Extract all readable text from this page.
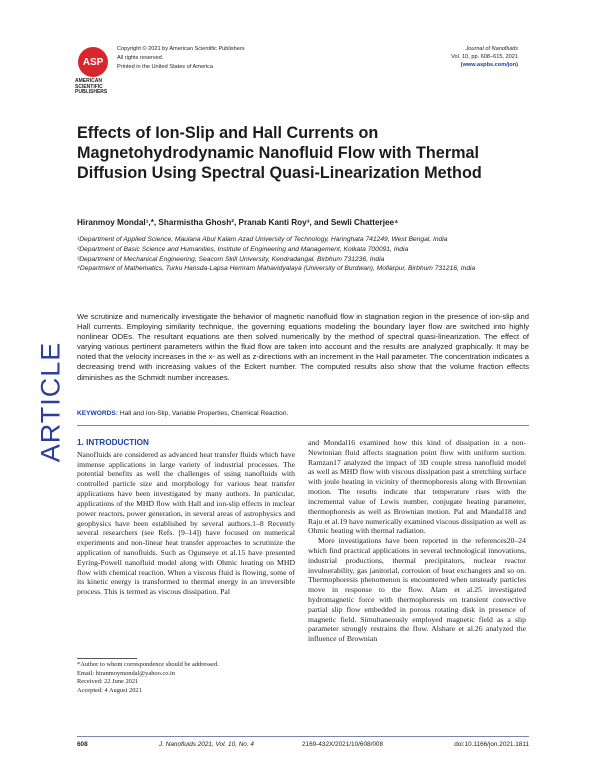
ASP
AMERICAN
SCIENTIFIC
PUBLISHERS
Copyright © 2021 by American Scientific Publishers
All rights reserved.
Printed in the United States of America
Journal of Nanofluids
Vol. 10, pp. 608–615, 2021
(www.aspbs.com/jon)
Effects of Ion-Slip and Hall Currents on Magnetohydrodynamic Nanofluid Flow with Thermal Diffusion Using Spectral Quasi-Linearization Method
Hiranmoy Mondal¹,*, Sharmistha Ghosh², Pranab Kanti Roy³, and Sewli Chatterjee⁴
¹Department of Applied Science, Maulana Abul Kalam Azad University of Technology, Haringhata 741249, West Bengal, India
²Department of Basic Science and Humanities, Institute of Engineering and Management, Kolkata 700091, India
³Department of Mechanical Engineering, Seacom Skill University, Kendradangal, Birbhum 731236, India
⁴Department of Mathematics, Turku Hansda-Lapsa Hemram Mahavidyalaya (University of Burdwan), Mollarpur, Birbhum 731216, India
ARTICLE

We scrutinize and numerically investigate the behavior of magnetic nanofluid flow in stagnation region in the presence of ion-slip and Hall currents. Employing similarity technique, the governing equations modeling the boundary layer flow are switched into highly nonlinear ODEs. The resultant equations are then solved numerically by the method of spectral quasi-linearization. The effect of varying various pertinent parameters within the fluid flow are taken into account and the results are analyzed graphically. It may be noted that the velocity increases in the x- as well as z-directions with an increment in the Hall parameter. The concentration indicates a decreasing trend with increasing values of the Eckert number. The computed results also show that the volume fraction effects diminishes as the Schmidt number increases.

KEYWORDS: Hall and Ion-Slip, Variable Properties, Chemical Reaction.
1. INTRODUCTION

Nanofluids are considered as advanced heat transfer fluids which have immense applications in large variety of industrial processes. The potential benefits as well the challenges of using nanofluids with controlled particle size and morphology for various heat transfer applications have been investigated by many authors. In particular, applications of the MHD flow with Hall and ion-slip effects in nuclear power reactors, power generation, in several areas of astrophysics and geophysics have been established by several authors.1–8 Recently several researchers (see Refs. [9–14]) have focused on numerical experiments and non-linear heat transfer approaches to scrutinize the application of nanofluids. Such as Ogunseye et al.15 have presented Eyring-Powell nanofluid model along with Ohmic heating on MHD flow with chemical reaction. When a viscous fluid is flowing, some of its kinetic energy is transformed to thermal energy in an irreversible process. This is termed as viscous dissipation. Pal

and Mondal16 examined how this kind of dissipation in a non-Newtonian fluid affects stagnation point flow with uniform suction. Ramzan17 analyzed the impact of 3D couple stress nanofluid model as well as MHD flow with viscous dissipation past a stretching surface with joule heating in vicinity of thermophoresis along with Brownian motion. The results indicate that temperature rises with the incremental value of Lewis number, conjugate heating parameter, thermophoresis as well as Brownian motion. Pal and Mandal18 and Raju et al.19 have numerically examined viscous dissipation as well as Ohmic heating with thermal radiation.

More investigations have been reported in the references20–24 which find practical applications in several technological innovations, industrial productions, thermal precipitators, nuclear reactor invulnerability, gas janitorial, corrosion of heat exchangers and so on. Thermophoresis phenomenon is encountered when unsteady particles move in response to the flow. Alam et al.25 investigated hydromagnetic force with thermophoresis on transient convective partial slip flow embedded in porous rotating disk in presence of magnetic field. Simultaneously employed magnetic field as a slip parameter strongly restrains the flow. Alshare et al.26 analyzed the influence of Brownian

*Author to whom correspondence should be addressed.
Email: hiranmoymondal@yahoo.co.in
Received: 22 June 2021
Accepted: 4 August 2021
608	J. Nanofluids 2021, Vol. 10, No. 4	2169-432X/2021/10/608/008	doi:10.1166/jon.2021.1811
